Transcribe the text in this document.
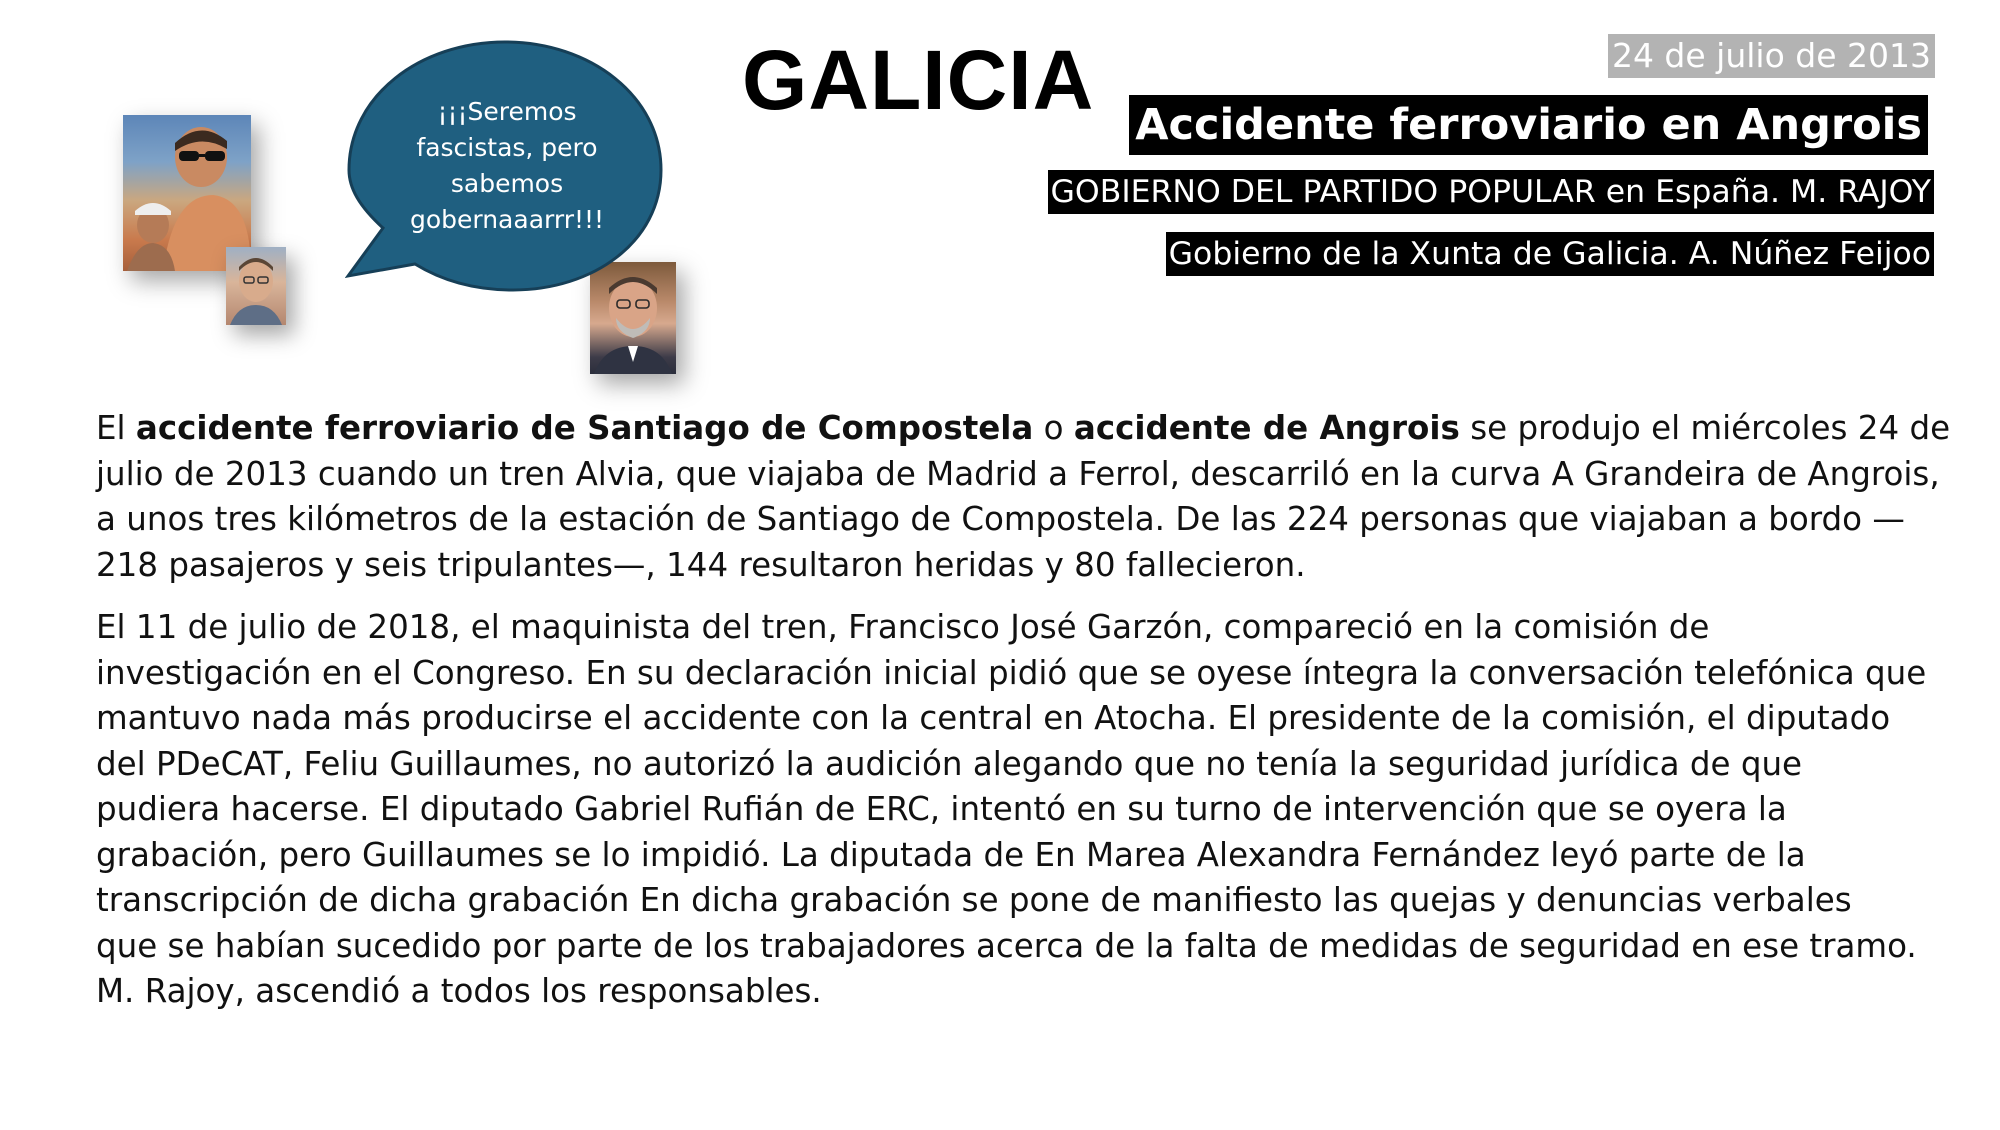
GALICIA	24 de julio de 2013
Accidente ferroviario en Angrois
GOBIERNO DEL PARTIDO POPULAR en España. M. RAJOY
Gobierno de la Xunta de Galicia. A. Núñez Feijoo
¡¡¡Seremos
fascistas, pero
sabemos
gobernaaarrr!!!
El accidente ferroviario de Santiago de Compostela o accidente de Angrois se produjo el miércoles 24 de
julio de 2013 cuando un tren Alvia, que viajaba de Madrid a Ferrol, descarriló en la curva A Grandeira de Angrois,
a unos tres kilómetros de la estación de Santiago de Compostela. De las 224 personas que viajaban a bordo —
218 pasajeros y seis tripulantes—, 144 resultaron heridas y 80 fallecieron.
El 11 de julio de 2018, el maquinista del tren, Francisco José Garzón, compareció en la comisión de
investigación en el Congreso. En su declaración inicial pidió que se oyese íntegra la conversación telefónica que
mantuvo nada más producirse el accidente con la central en Atocha. El presidente de la comisión, el diputado
del PDeCAT, Feliu Guillaumes, no autorizó la audición alegando que no tenía la seguridad jurídica de que
pudiera hacerse. El diputado Gabriel Rufián de ERC, intentó en su turno de intervención que se oyera la
grabación, pero Guillaumes se lo impidió. La diputada de En Marea Alexandra Fernández leyó parte de la
transcripción de dicha grabación En dicha grabación se pone de manifiesto las quejas y denuncias verbales
que se habían sucedido por parte de los trabajadores acerca de la falta de medidas de seguridad en ese tramo.
M. Rajoy, ascendió a todos los responsables.
